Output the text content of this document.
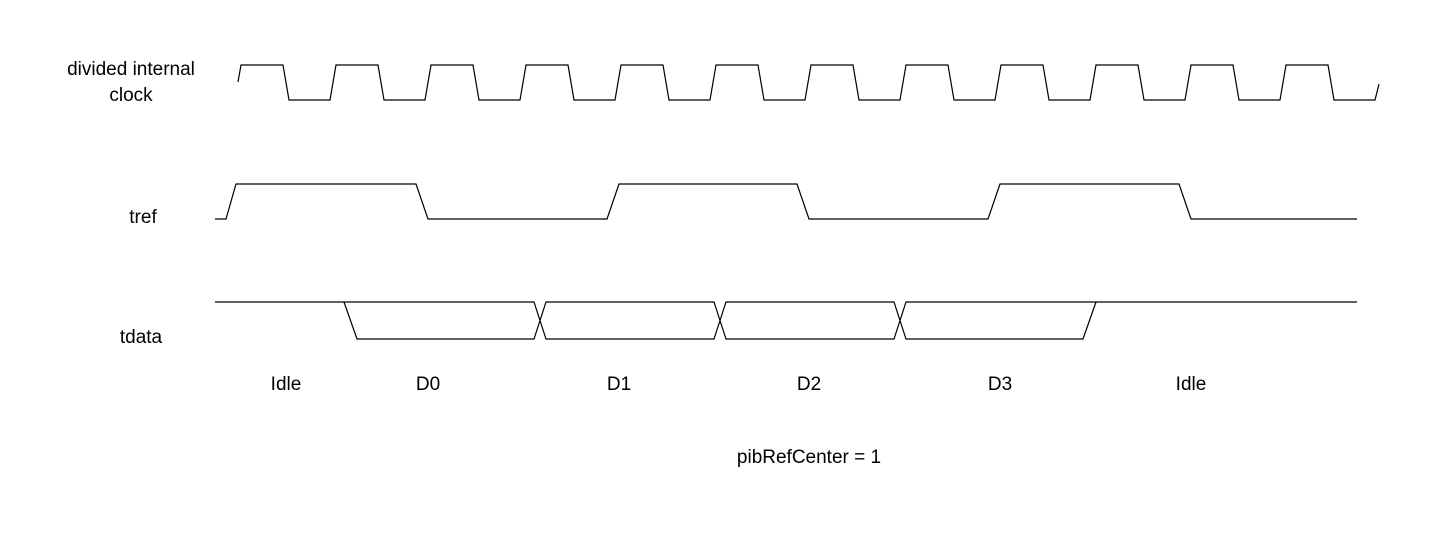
divided internal
clock
tref
tdata
Idle	D0	D1	D2	D3	Idle
pibRefCenter = 1
